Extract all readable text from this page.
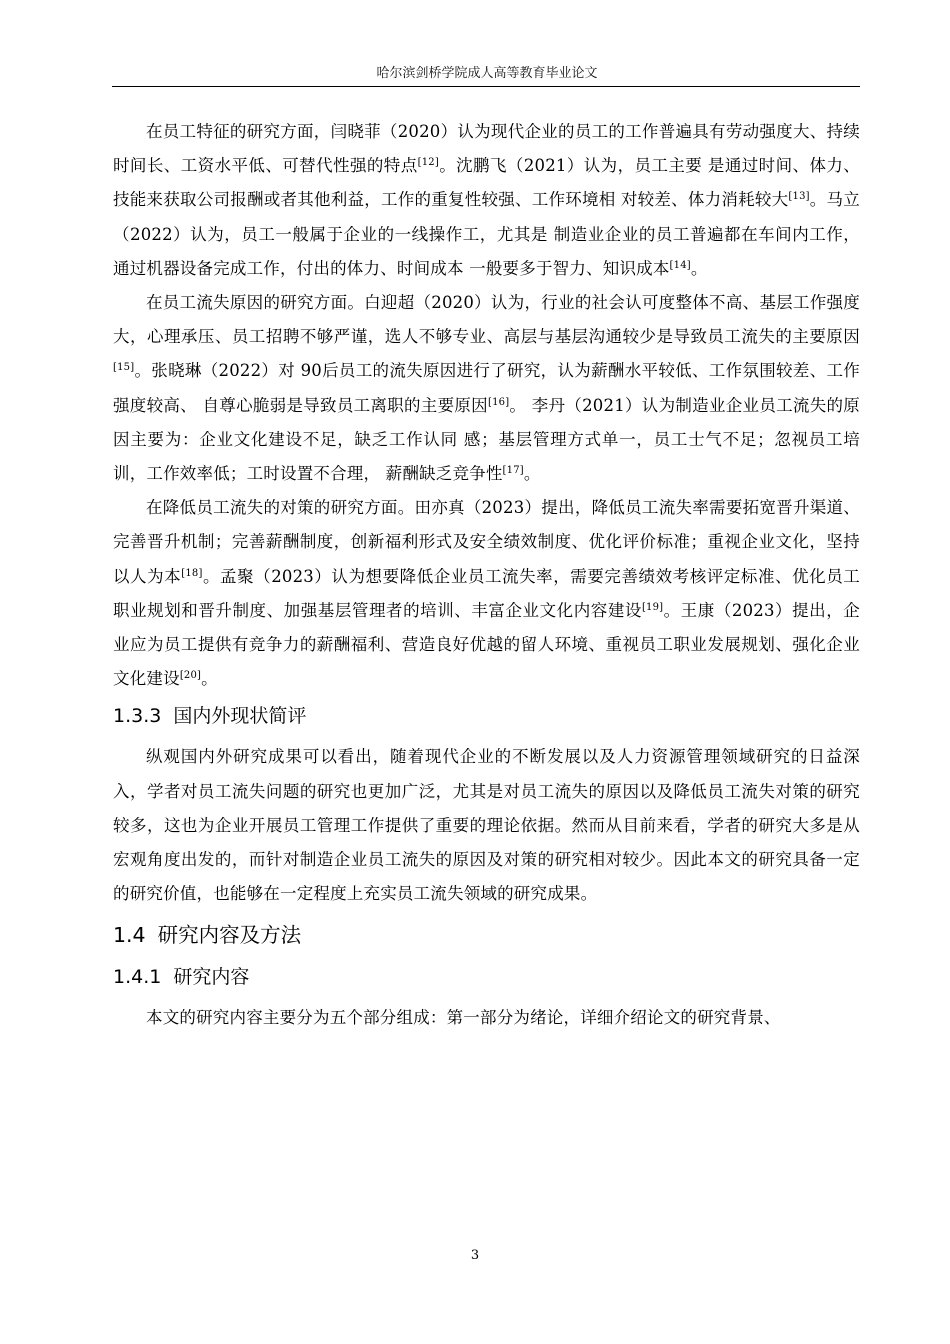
哈尔滨剑桥学院成人高等教育毕业论文

在员工特征的研究方面，闫晓菲（2020）认为现代企业的员工的工作普遍具有劳动强度大、持续时间长、工资水平低、可替代性强的特点[12]。沈鹏飞（2021）认为，员工主要 是通过时间、体力、技能来获取公司报酬或者其他利益，工作的重复性较强、工作环境相 对较差、体力消耗较大[13]。马立（2022）认为，员工一般属于企业的一线操作工，尤其是 制造业企业的员工普遍都在车间内工作，通过机器设备完成工作，付出的体力、时间成本 一般要多于智力、知识成本[14]。

在员工流失原因的研究方面。白迎超（2020）认为，行业的社会认可度整体不高、基层工作强度大，心理承压、员工招聘不够严谨，选人不够专业、高层与基层沟通较少是导致员工流失的主要原因[15]。张晓琳（2022）对 90后员工的流失原因进行了研究，认为薪酬水平较低、工作氛围较差、工作强度较高、 自尊心脆弱是导致员工离职的主要原因[16]。 李丹（2021）认为制造业企业员工流失的原因主要为：企业文化建设不足，缺乏工作认同 感；基层管理方式单一，员工士气不足；忽视员工培训，工作效率低；工时设置不合理， 薪酬缺乏竞争性[17]。

在降低员工流失的对策的研究方面。田亦真（2023）提出，降低员工流失率需要拓宽晋升渠道、完善晋升机制；完善薪酬制度，创新福利形式及安全绩效制度、优化评价标准；重视企业文化，坚持以人为本[18]。孟聚（2023）认为想要降低企业员工流失率，需要完善绩效考核评定标准、优化员工职业规划和晋升制度、加强基层管理者的培训、丰富企业文化内容建设[19]。王康（2023）提出，企业应为员工提供有竞争力的薪酬福利、营造良好优越的留人环境、重视员工职业发展规划、强化企业文化建设[20]。

1.3.3 国内外现状简评

纵观国内外研究成果可以看出，随着现代企业的不断发展以及人力资源管理领域研究的日益深入，学者对员工流失问题的研究也更加广泛，尤其是对员工流失的原因以及降低员工流失对策的研究较多，这也为企业开展员工管理工作提供了重要的理论依据。然而从目前来看，学者的研究大多是从宏观角度出发的，而针对制造企业员工流失的原因及对策的研究相对较少。因此本文的研究具备一定的研究价值，也能够在一定程度上充实员工流失领域的研究成果。

1.4 研究内容及方法
1.4.1 研究内容

本文的研究内容主要分为五个部分组成：第一部分为绪论，详细介绍论文的研究背景、

3
